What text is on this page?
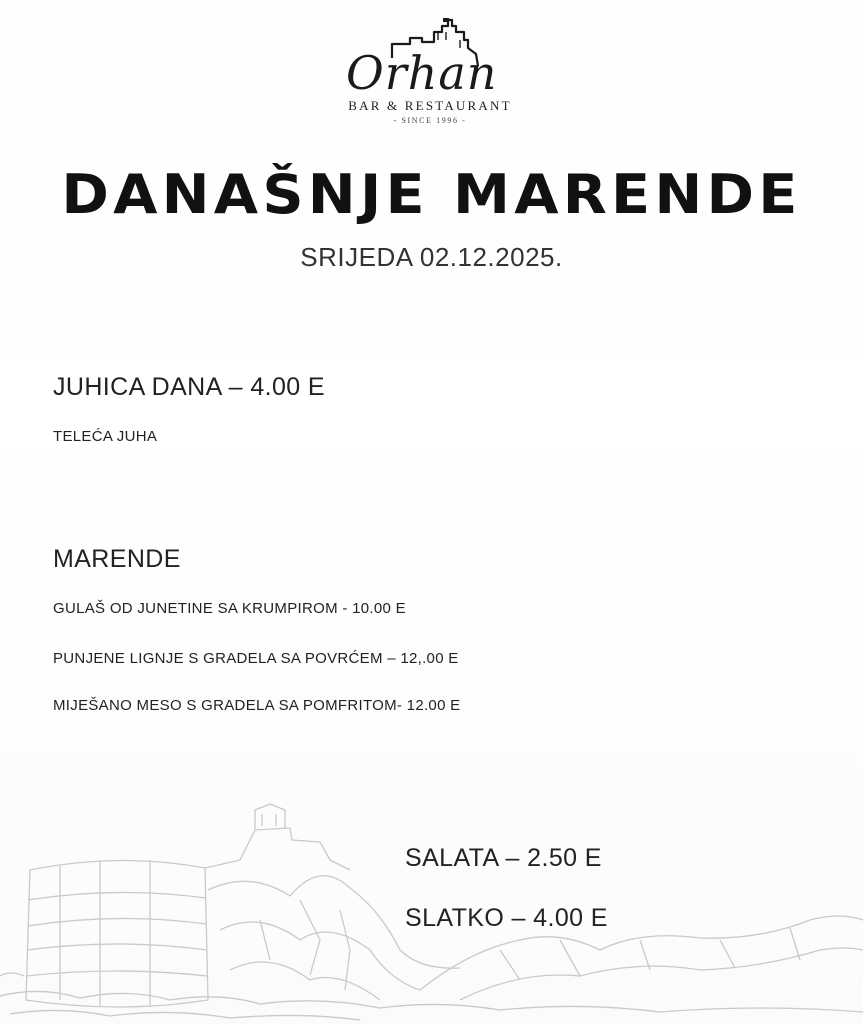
Orhan
BAR & RESTAURANT
- SINCE 1996 -
DANAŠNJE MARENDE
SRIJEDA 02.12.2025.
JUHICA DANA – 4.00 E
TELEĆA JUHA
MARENDE
GULAŠ OD JUNETINE SA KRUMPIROM - 10.00 E
PUNJENE LIGNJE S GRADELA SA POVRĆEM – 12,.00 E
MIJEŠANO MESO S GRADELA SA POMFRITOM- 12.00 E
SALATA – 2.50 E
SLATKO – 4.00 E
